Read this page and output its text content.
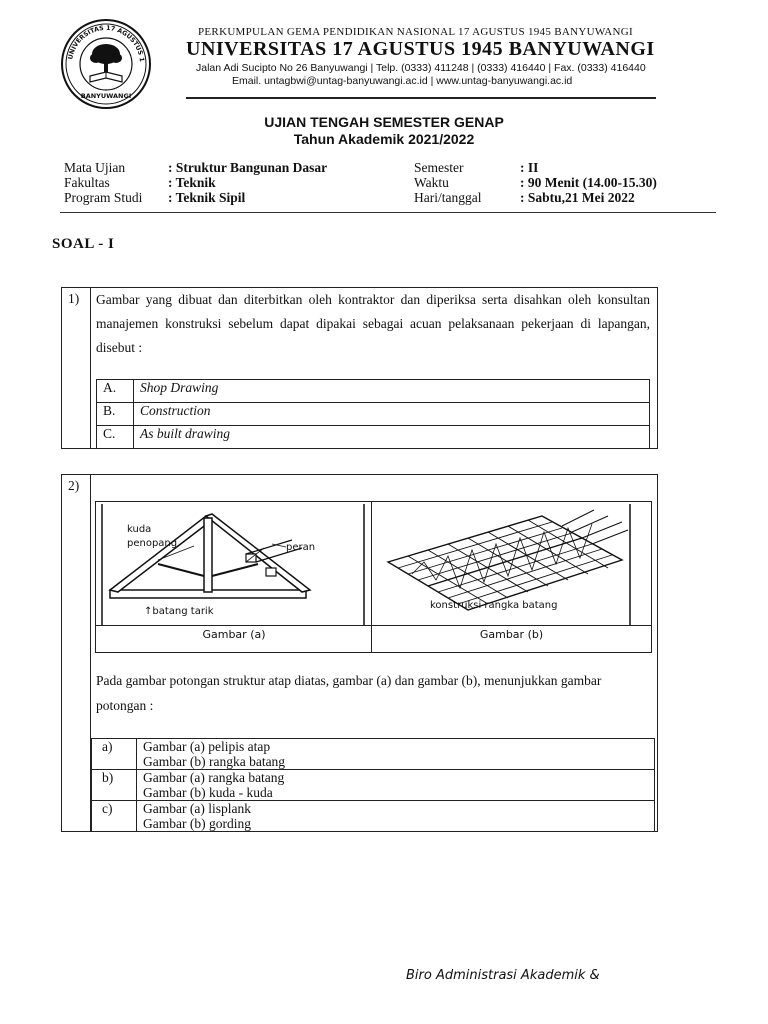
UNIVERSITAS 17 AGUSTUS 1
BANYUWANGI
PERKUMPULAN GEMA PENDIDIKAN NASIONAL 17 AGUSTUS 1945 BANYUWANGI
UNIVERSITAS 17 AGUSTUS 1945 BANYUWANGI
Jalan Adi Sucipto No 26 Banyuwangi | Telp. (0333) 411248 | (0333) 416440 | Fax. (0333) 416440
Email. untagbwi@untag-banyuwangi.ac.id | www.untag-banyuwangi.ac.id
UJIAN TENGAH SEMESTER GENAP
Tahun Akademik 2021/2022
Mata Ujian	: Struktur Bangunan Dasar
Fakultas	: Teknik
Program Studi : Teknik Sipil
Semester	: II
Waktu	: 90 Menit (14.00-15.30)
Hari/tanggal	: Sabtu,21 Mei 2022
SOAL - I
1) Gambar yang dibuat dan diterbitkan oleh kontraktor dan diperiksa serta disahkan oleh konsultan manajemen konstruksi sebelum dapat dipakai sebagai acuan pelaksanaan pekerjaan di lapangan, disebut :
A.	Shop Drawing
B.	Construction
C.	As built drawing
2)
kuda
penopang	peran
↑batang tarik
konstruksi rangka batang
Gambar (a)	Gambar (b)
Pada gambar potongan struktur atap diatas, gambar (a) dan gambar (b), menunjukkan gambar potongan :
a)	Gambar (a) pelipis atap
Gambar (b) rangka batang

b)	Gambar (a) rangka batang
Gambar (b) kuda - kuda

c)	Gambar (a) lisplank
Gambar (b) gording
Biro Administrasi Akademik &
